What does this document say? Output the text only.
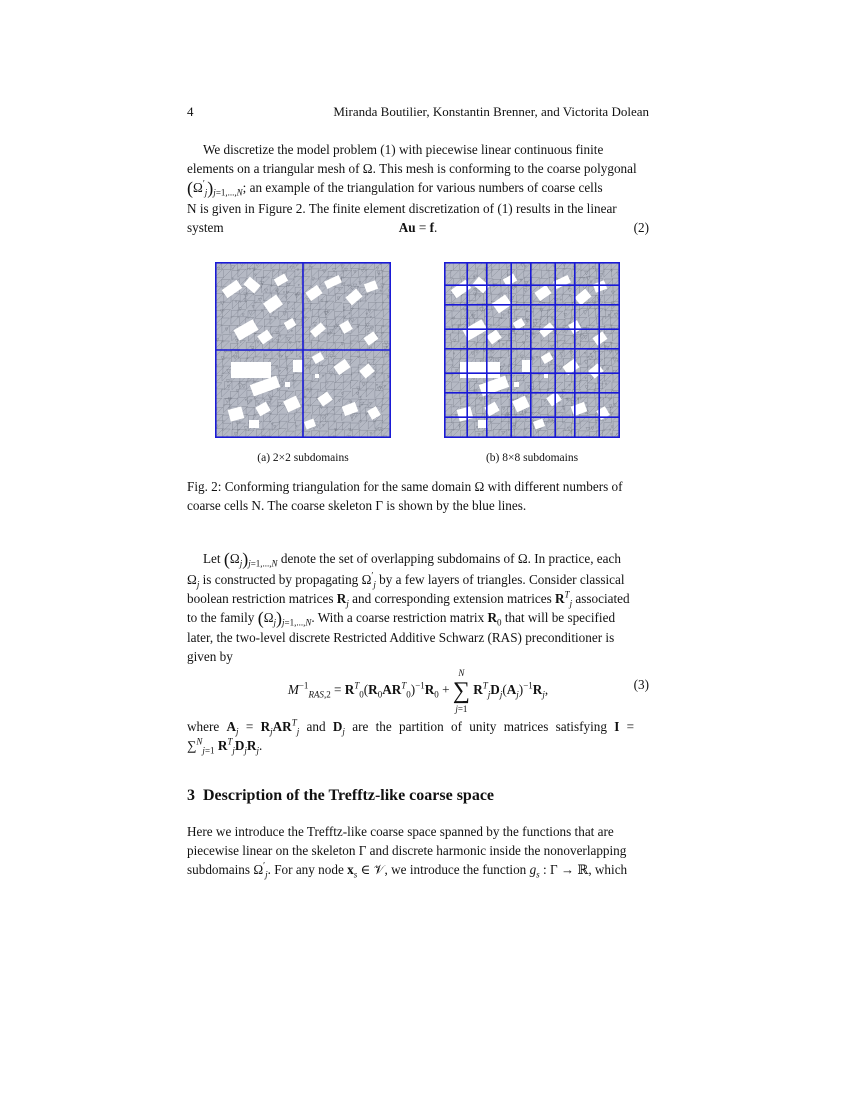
4	Miranda Boutilier, Konstantin Brenner, and Victorita Dolean

We discretize the model problem (1) with piecewise linear continuous finite

elements on a triangular mesh of Ω. This mesh is conforming to the coarse polygonal

$(\Omega'_j)_{j=1,...,N}$; an example of the triangulation for various numbers of coarse cells

N is given in Figure 2. The finite element discretization of (1) results in the linear

system	Au = f.	(2)
(a) 2×2 subdomains	(b) 8×8 subdomains

Fig. 2: Conforming triangulation for the same domain Ω with different numbers of

coarse cells N. The coarse skeleton Γ is shown by the blue lines.

Let $(\Omega_j)_{j=1,...,N}$ denote the set of overlapping subdomains of Ω. In practice, each

$\Omega_j$ is constructed by propagating $\Omega'_j$ by a few layers of triangles. Consider classical

boolean restriction matrices $R_j$ and corresponding extension matrices $R^T_j$ associated

to the family $(\Omega_j)_{j=1,...,N}$. With a coarse restriction matrix $R_0$ that will be specified

later, the two-level discrete Restricted Additive Schwarz (RAS) preconditioner is

given by

$M^{-1}_{RAS,2} = R^T_0(R_0AR^T_0)^{-1}R_0$ +
N
∑
j=1
$R^T_jD_j(A_j)^{-1}R_j$,	(3)

where $A_j = R_jAR^T_j$ and $D_j$ are the partition of unity matrices satisfying I =

∑$^N_{j=1}$ $R^T_jD_jR_j$.

3 Description of the Trefftz-like coarse space

Here we introduce the Trefftz-like coarse space spanned by the functions that are

piecewise linear on the skeleton Γ and discrete harmonic inside the nonoverlapping

subdomains $\Omega'_j$. For any node $x_s$ ∈ 𝒱, we introduce the function $g_s$ : Γ → ℝ, which
